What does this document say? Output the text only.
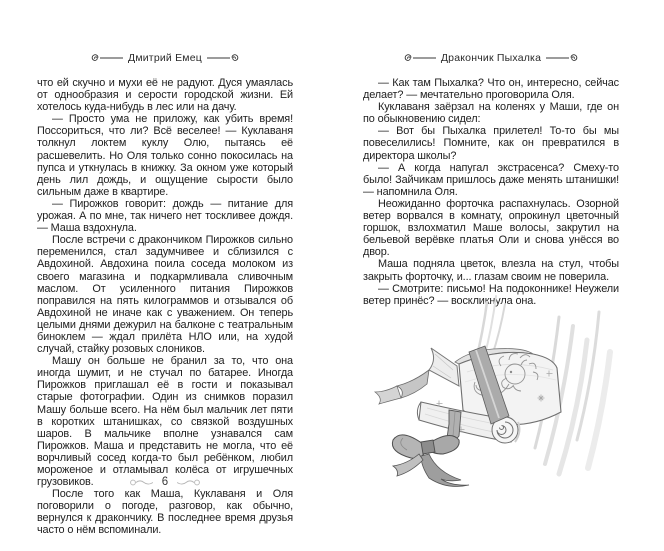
Дмитрий Емец

что ей скучно и мухи её не радуют. Дуся умаялась от однообразия и серости городской жизни. Ей хотелось куда-нибудь в лес или на дачу.

— Просто ума не приложу, как убить время! Поссориться, что ли? Всё веселее! — Куклаваня толкнул локтем куклу Олю, пытаясь её расшевелить. Но Оля только сонно покосилась на пупса и уткнулась в книжку. За окном уже который день лил дождь, и ощущение сырости было сильным даже в квартире.

— Пирожков говорит: дождь — питание для урожая. А по мне, так ничего нет тоскливее дождя. — Маша вздохнула.

После встречи с дракончиком Пирожков сильно переменился, стал задумчивее и сблизился с Авдохиной. Авдохина поила соседа молоком из своего магазина и подкармливала сливочным маслом. От усиленного питания Пирожков поправился на пять килограммов и отзывался об Авдохиной не иначе как с уважением. Он теперь целыми днями дежурил на балконе с театральным биноклем — ждал прилёта НЛО или, на худой случай, стайку розовых слоников.

Машу он больше не бранил за то, что она иногда шумит, и не стучал по батарее. Иногда Пирожков приглашал её в гости и показывал старые фотографии. Один из снимков поразил Машу больше всего. На нём был мальчик лет пяти в коротких штанишках, со связкой воздушных шаров. В мальчике вполне узнавался сам Пирожков. Маша и представить не могла, что её ворчливый сосед когда-то был ребёнком, любил мороженое и отламывал колёса от игрушечных грузовиков.

После того как Маша, Куклаваня и Оля поговорили о погоде, разговор, как обычно, вернулся к дракончику. В последнее время друзья часто о нём вспоминали.

6
Дракончик Пыхалка

— Как там Пыхалка? Что он, интересно, сейчас делает? — мечтательно проговорила Оля.

Куклаваня заёрзал на коленях у Маши, где он по обыкновению сидел:

— Вот бы Пыхалка прилетел! То-то бы мы повеселились! Помните, как он превратился в директора школы?

— А когда напугал экстрасенса? Смеху-то было! Зайчикам пришлось даже менять штанишки! — напомнила Оля.

Неожиданно форточка распахнулась. Озорной ветер ворвался в комнату, опрокинул цветочный горшок, взлохматил Маше волосы, закрутил на бельевой верёвке платья Оли и снова унёсся во двор.

Маша подняла цветок, влезла на стул, чтобы закрыть форточку, и... глазам своим не поверила.

— Смотрите: письмо! На подоконнике! Неужели ветер принёс? — воскликнула она.
